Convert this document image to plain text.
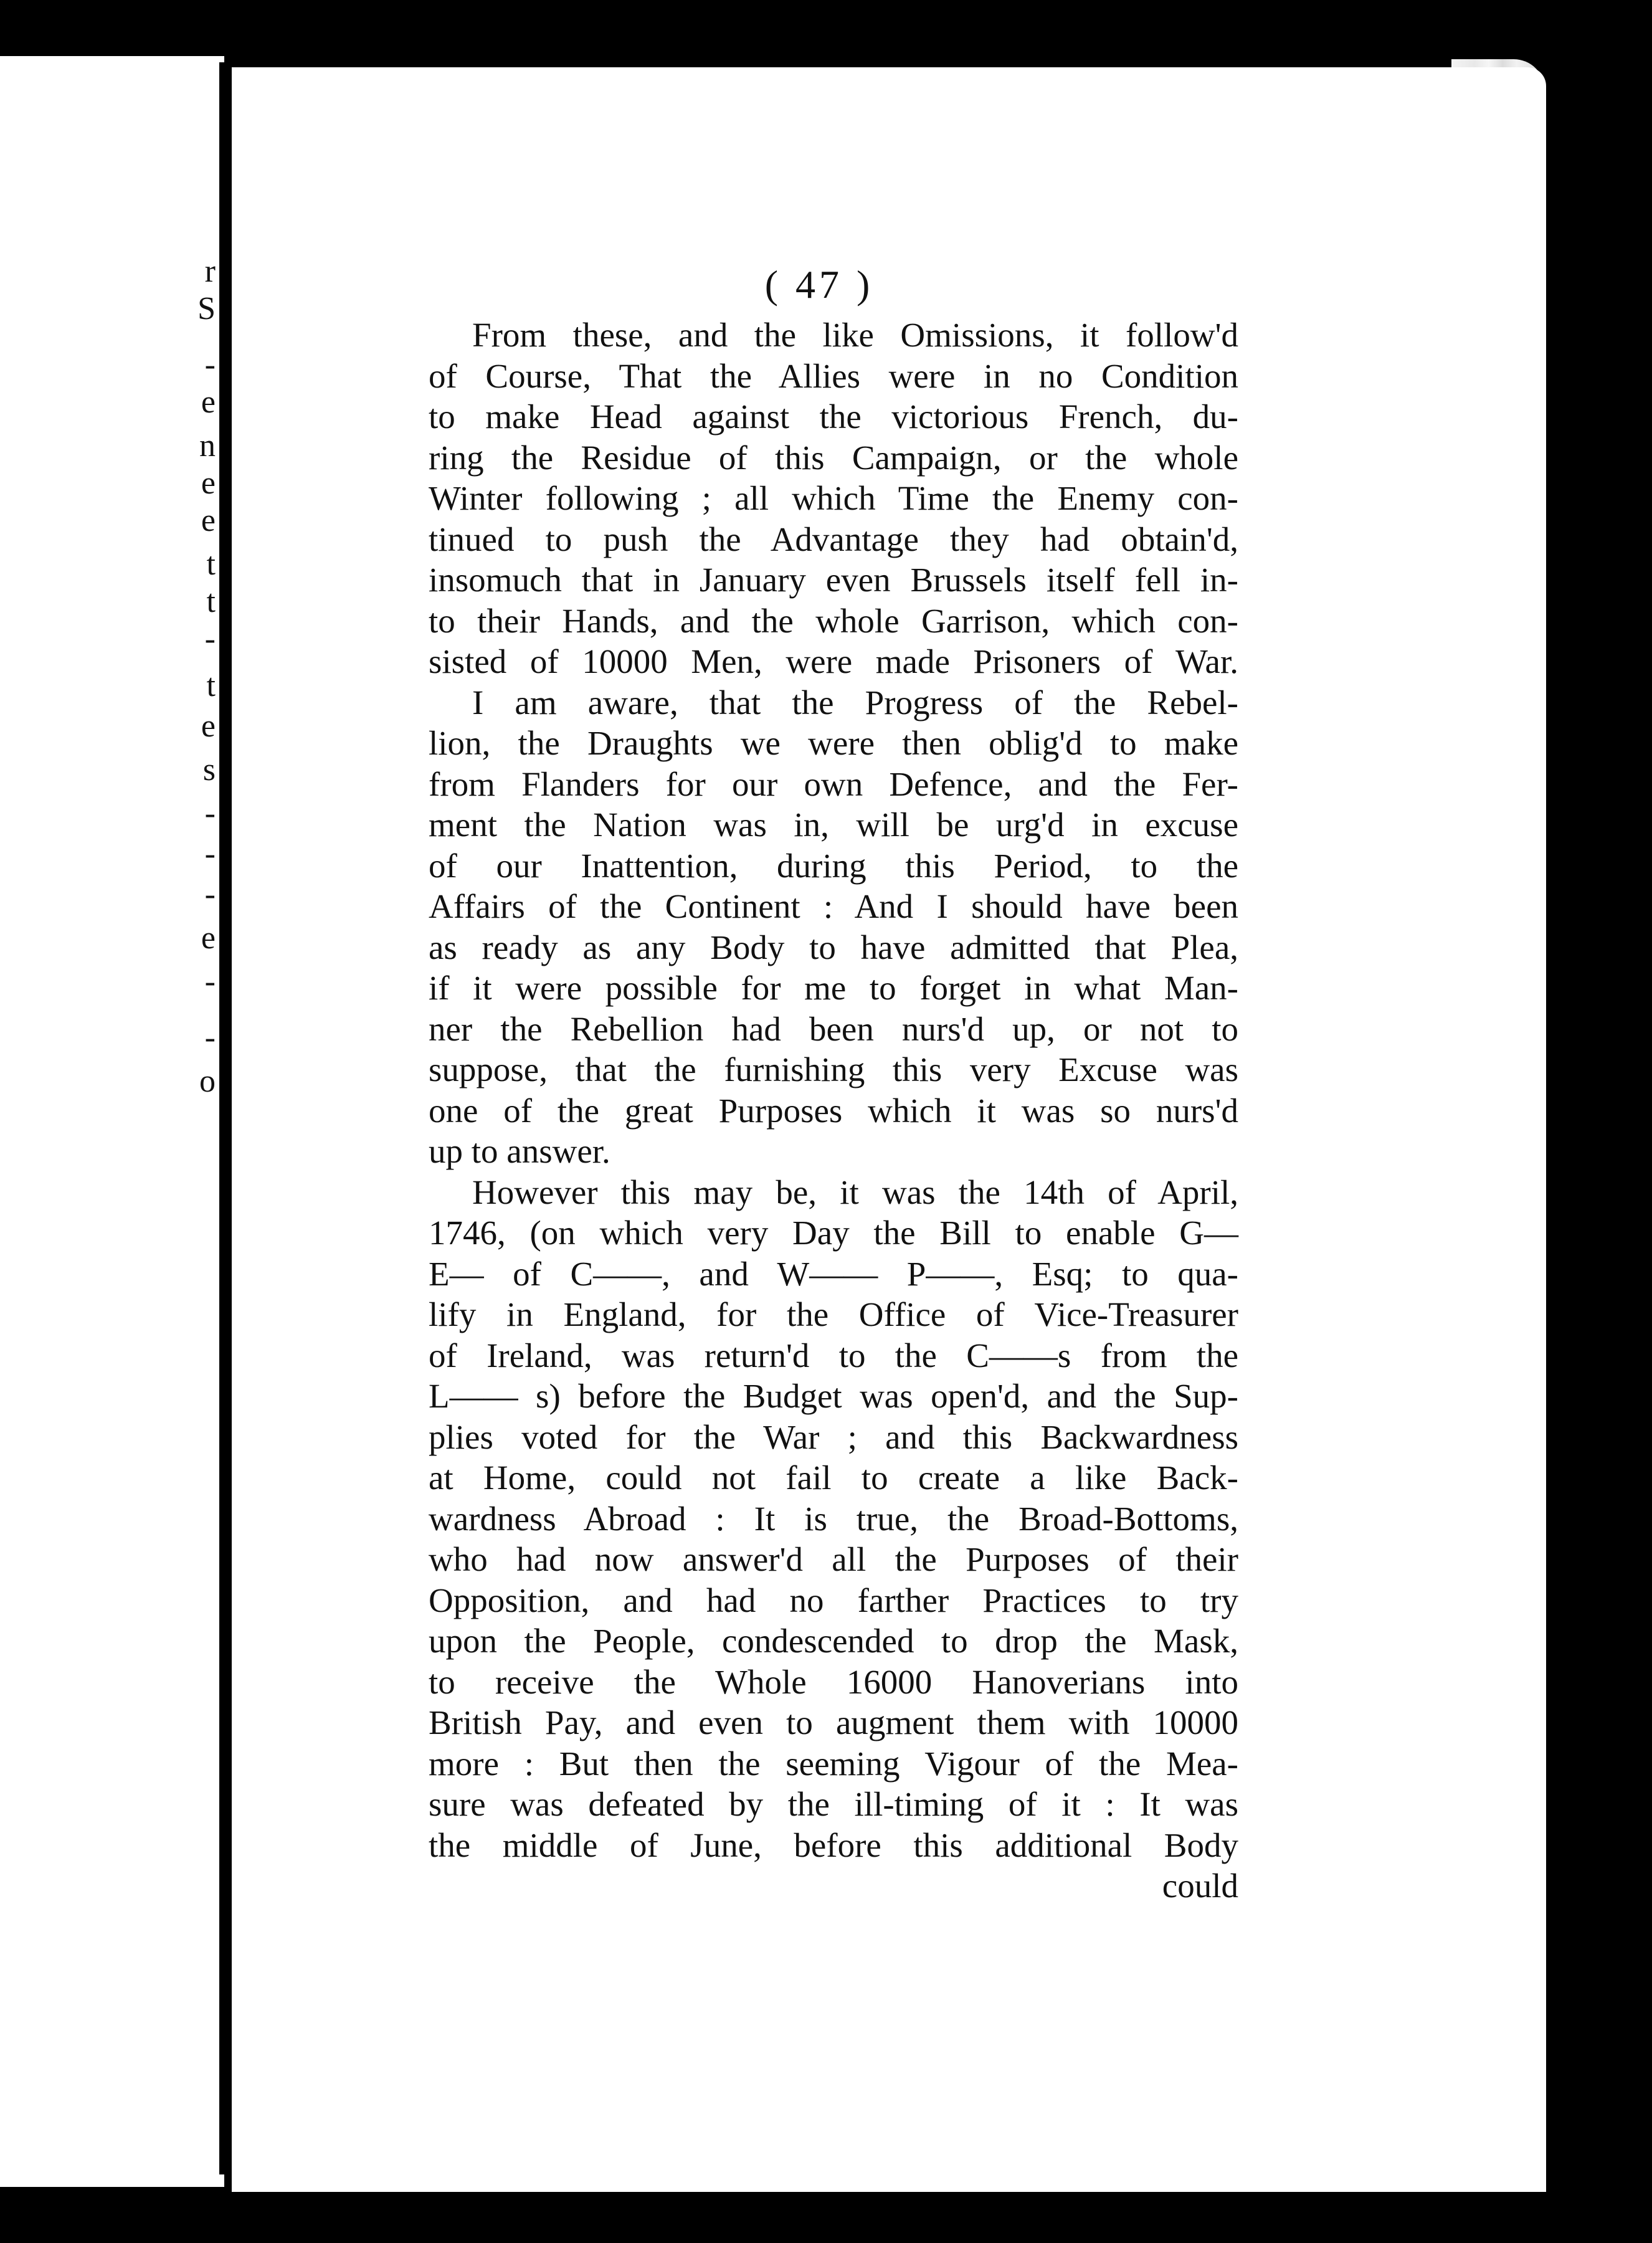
r
S
-
e
n
e
e
t
t
-
t
e
s
-
-
-
e
-
-
o
( 47 )
From these, and the like Omissions, it follow'd
of Course, That the Allies were in no Condition
to make Head against the victorious French, du-
ring the Residue of this Campaign, or the whole
Winter following ; all which Time the Enemy con-
tinued to push the Advantage they had obtain'd,
insomuch that in January even Brussels itself fell in-
to their Hands, and the whole Garrison, which con-
sisted of 10000 Men, were made Prisoners of War.
I am aware, that the Progress of the Rebel-
lion, the Draughts we were then oblig'd to make
from Flanders for our own Defence, and the Fer-
ment the Nation was in, will be urg'd in excuse
of our Inattention, during this Period, to the
Affairs of the Continent : And I should have been
as ready as any Body to have admitted that Plea,
if it were possible for me to forget in what Man-
ner the Rebellion had been nurs'd up, or not to
suppose, that the furnishing this very Excuse was
one of the great Purposes which it was so nurs'd
up to answer.
However this may be, it was the 14th of April,
1746, (on which very Day the Bill to enable G—
E— of C——, and W—— P——, Esq; to qua-
lify in England, for the Office of Vice-Treasurer
of Ireland, was return'd to the C——s from the
L—— s) before the Budget was open'd, and the Sup-
plies voted for the War ; and this Backwardness
at Home, could not fail to create a like Back-
wardness Abroad : It is true, the Broad-Bottoms,
who had now answer'd all the Purposes of their
Opposition, and had no farther Practices to try
upon the People, condescended to drop the Mask,
to receive the Whole 16000 Hanoverians into
British Pay, and even to augment them with 10000
more : But then the seeming Vigour of the Mea-
sure was defeated by the ill-timing of it : It was
the middle of June, before this additional Body
could
